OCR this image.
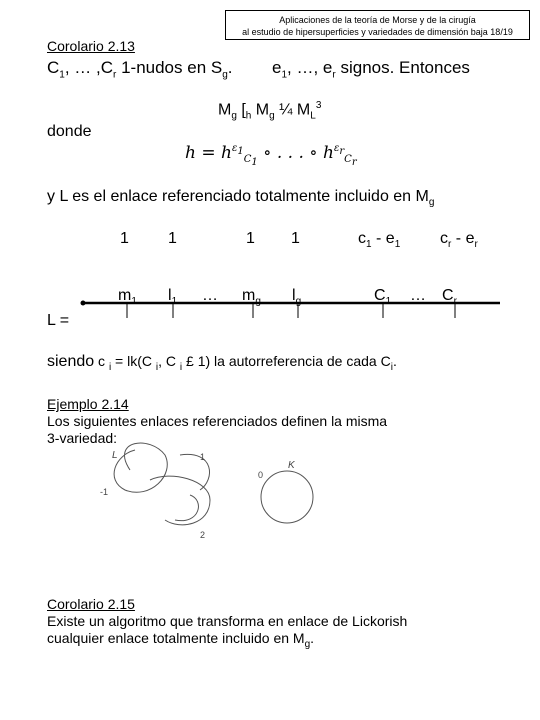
Aplicaciones de la teoría de Morse y de la cirugía
al estudio de hipersuperficies y variedades de dimensión baja 18/19
Corolario 2.13
$C_1$, … $,C_r$ 1-nudos en $S_g$. $e_1$, …, $e_r$ signos. Entonces
$M_g$ [$_h$ $M_g$ ¼ $M_L^3$
donde
$h = h^{\varepsilon_1}_{C_1}$ ∘ . . . ∘ $h^{\varepsilon_r}_{C_r}$
y L es el enlace referenciado totalmente incluido en $M_g$
1 1	1 1	$c_1 - e_1$ $c_r - e_r$
$m_1$ $l_1$ … $m_g$ $l_g$	$C_1$ … $C_r$
L =
siendo c $_i$ = lk(C $_i$, C $_i$ £ 1) la autorreferencia de cada $C_i$.
Ejemplo 2.14
Los siguientes enlaces referenciados definen la misma
3-variedad:
L
K
-1
1
2
0
Corolario 2.15
Existe un algoritmo que transforma en enlace de Lickorish
cualquier enlace totalmente incluido en $M_g$.
